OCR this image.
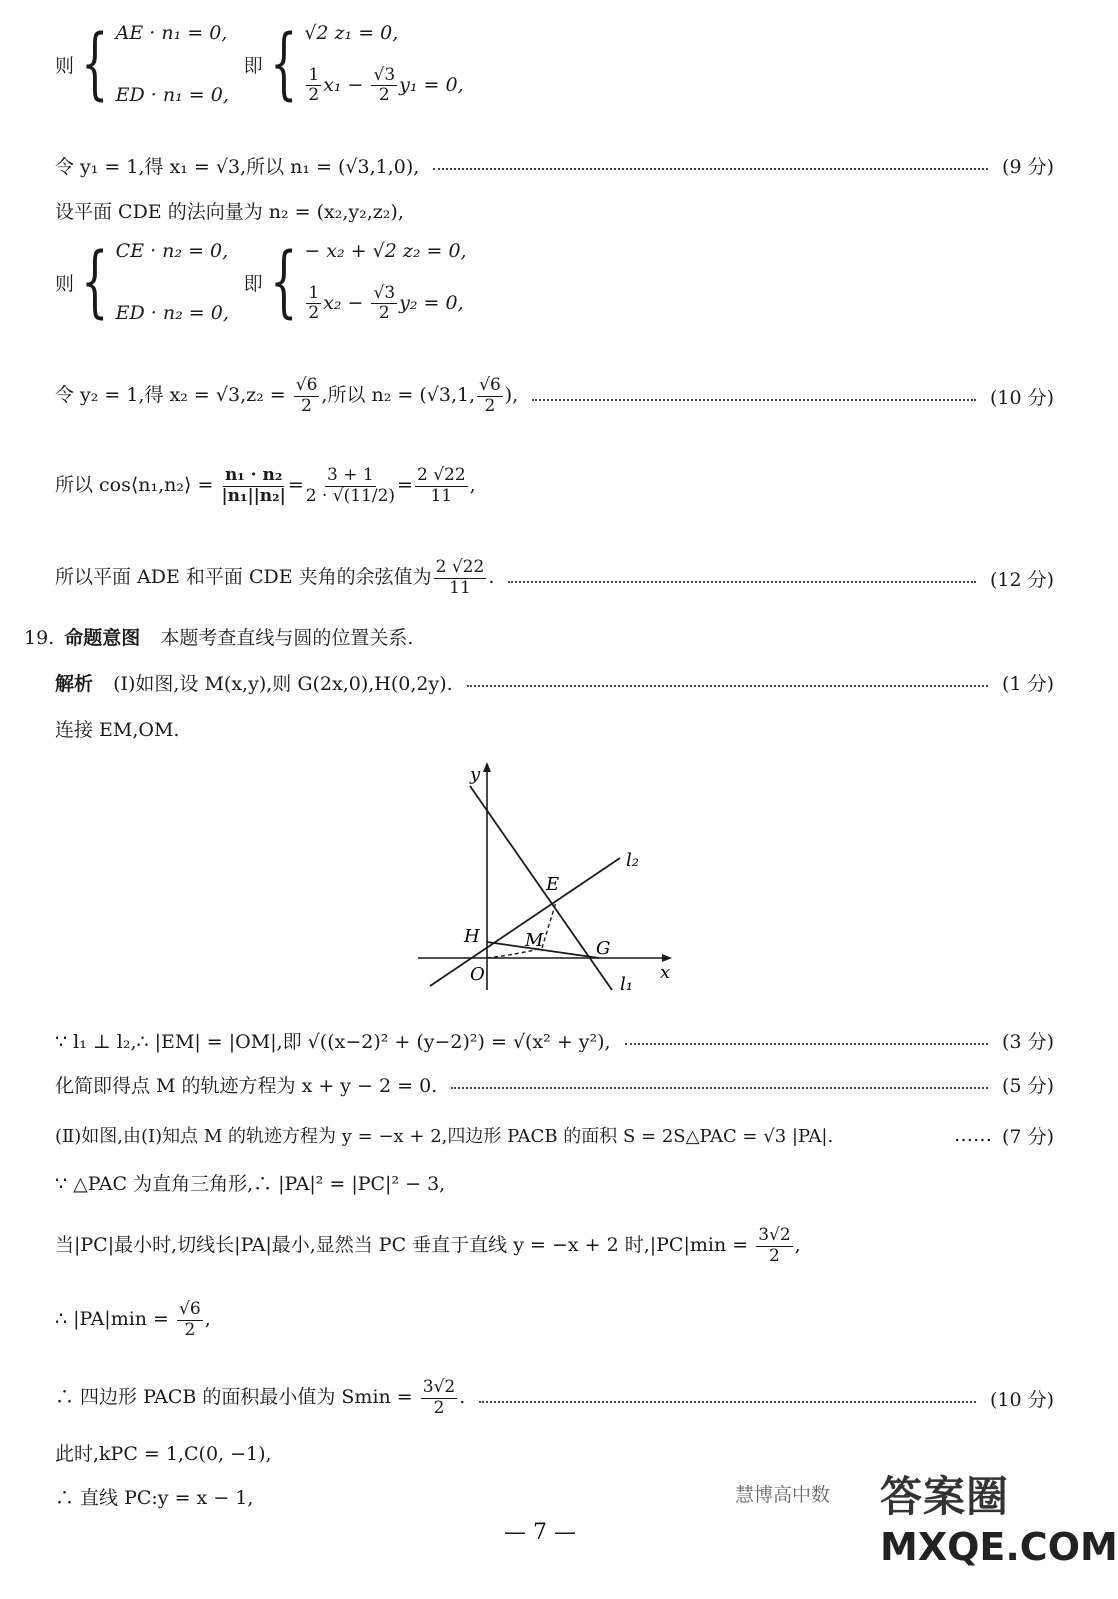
则 { AE · n₁ = 0,
ED · n₁ = 0,
即 { √2 z₁ = 0,
$\frac{1}{2} x_1 - \frac{√3}{2} y_1 = 0$,
令 y₁ = 1,得 x₁ = √3,所以 n₁ = (√3,1,0),	(9 分)
设平面 CDE 的法向量为 n₂ = (x₂,y₂,z₂),
则 { CE · n₂ = 0,
ED · n₂ = 0,
即 { − x₂ + √2 z₂ = 0,
$\frac{1}{2} x_2 - \frac{√3}{2} y_2 = 0$,
令 y₂ = 1,得 $x_2 = √3,z_2 = \frac{√6}{2}$ ,所以 n₂ = (√3,1, $\frac{√6}{2}$ ),	(10 分)
所以 cos⟨n₁,n₂⟩ = $\frac{\text{n₁ · n₂}}{\text{|n₁||n₂|}} = \frac{3 + 1}{2 \cdot √(11/2)} = \frac{2 √22}{11}$ ,
所以平面 ADE 和平面 CDE 夹角的余弦值为 $\frac{2 √22}{11}$ .	(12 分)
19. 命题意图 本题考查直线与圆的位置关系.
解析 (Ⅰ)如图,设 M(x,y),则 G(2x,0),H(0,2y).	(1 分)
连接 EM,OM.
y
x
O
H	M	G
E
l₁
l₂
∵ l₁ ⊥ l₂,∴ |EM| = |OM|,即 √((x−2)² + (y−2)²) = √(x² + y²),	(3 分)
化简即得点 M 的轨迹方程为 x + y − 2 = 0.	(5 分)
(Ⅱ)如图,由(Ⅰ)知点 M 的轨迹方程为 y = −x + 2,四边形 PACB 的面积 S = 2S△PAC = √3 |PA|.	…… (7 分)
∵ △PAC 为直角三角形,∴ |PA|² = |PC|² − 3,
当|PC|最小时,切线长|PA|最小,显然当 PC 垂直于直线 y = −x + 2 时$,|PC|\min = \frac{3√2}{2}$ ,
∴ $|PA|\min = \frac{√6}{2}$ ,
∴ 四边形 PACB 的面积最小值为 $Smin = \frac{3√2}{2}$ .	(10 分)
此时,kPC = 1,C(0, −1),
∴ 直线 PC:y = x − 1,	慧博高中数 答案圈
MXQE.COM
— 7 —
